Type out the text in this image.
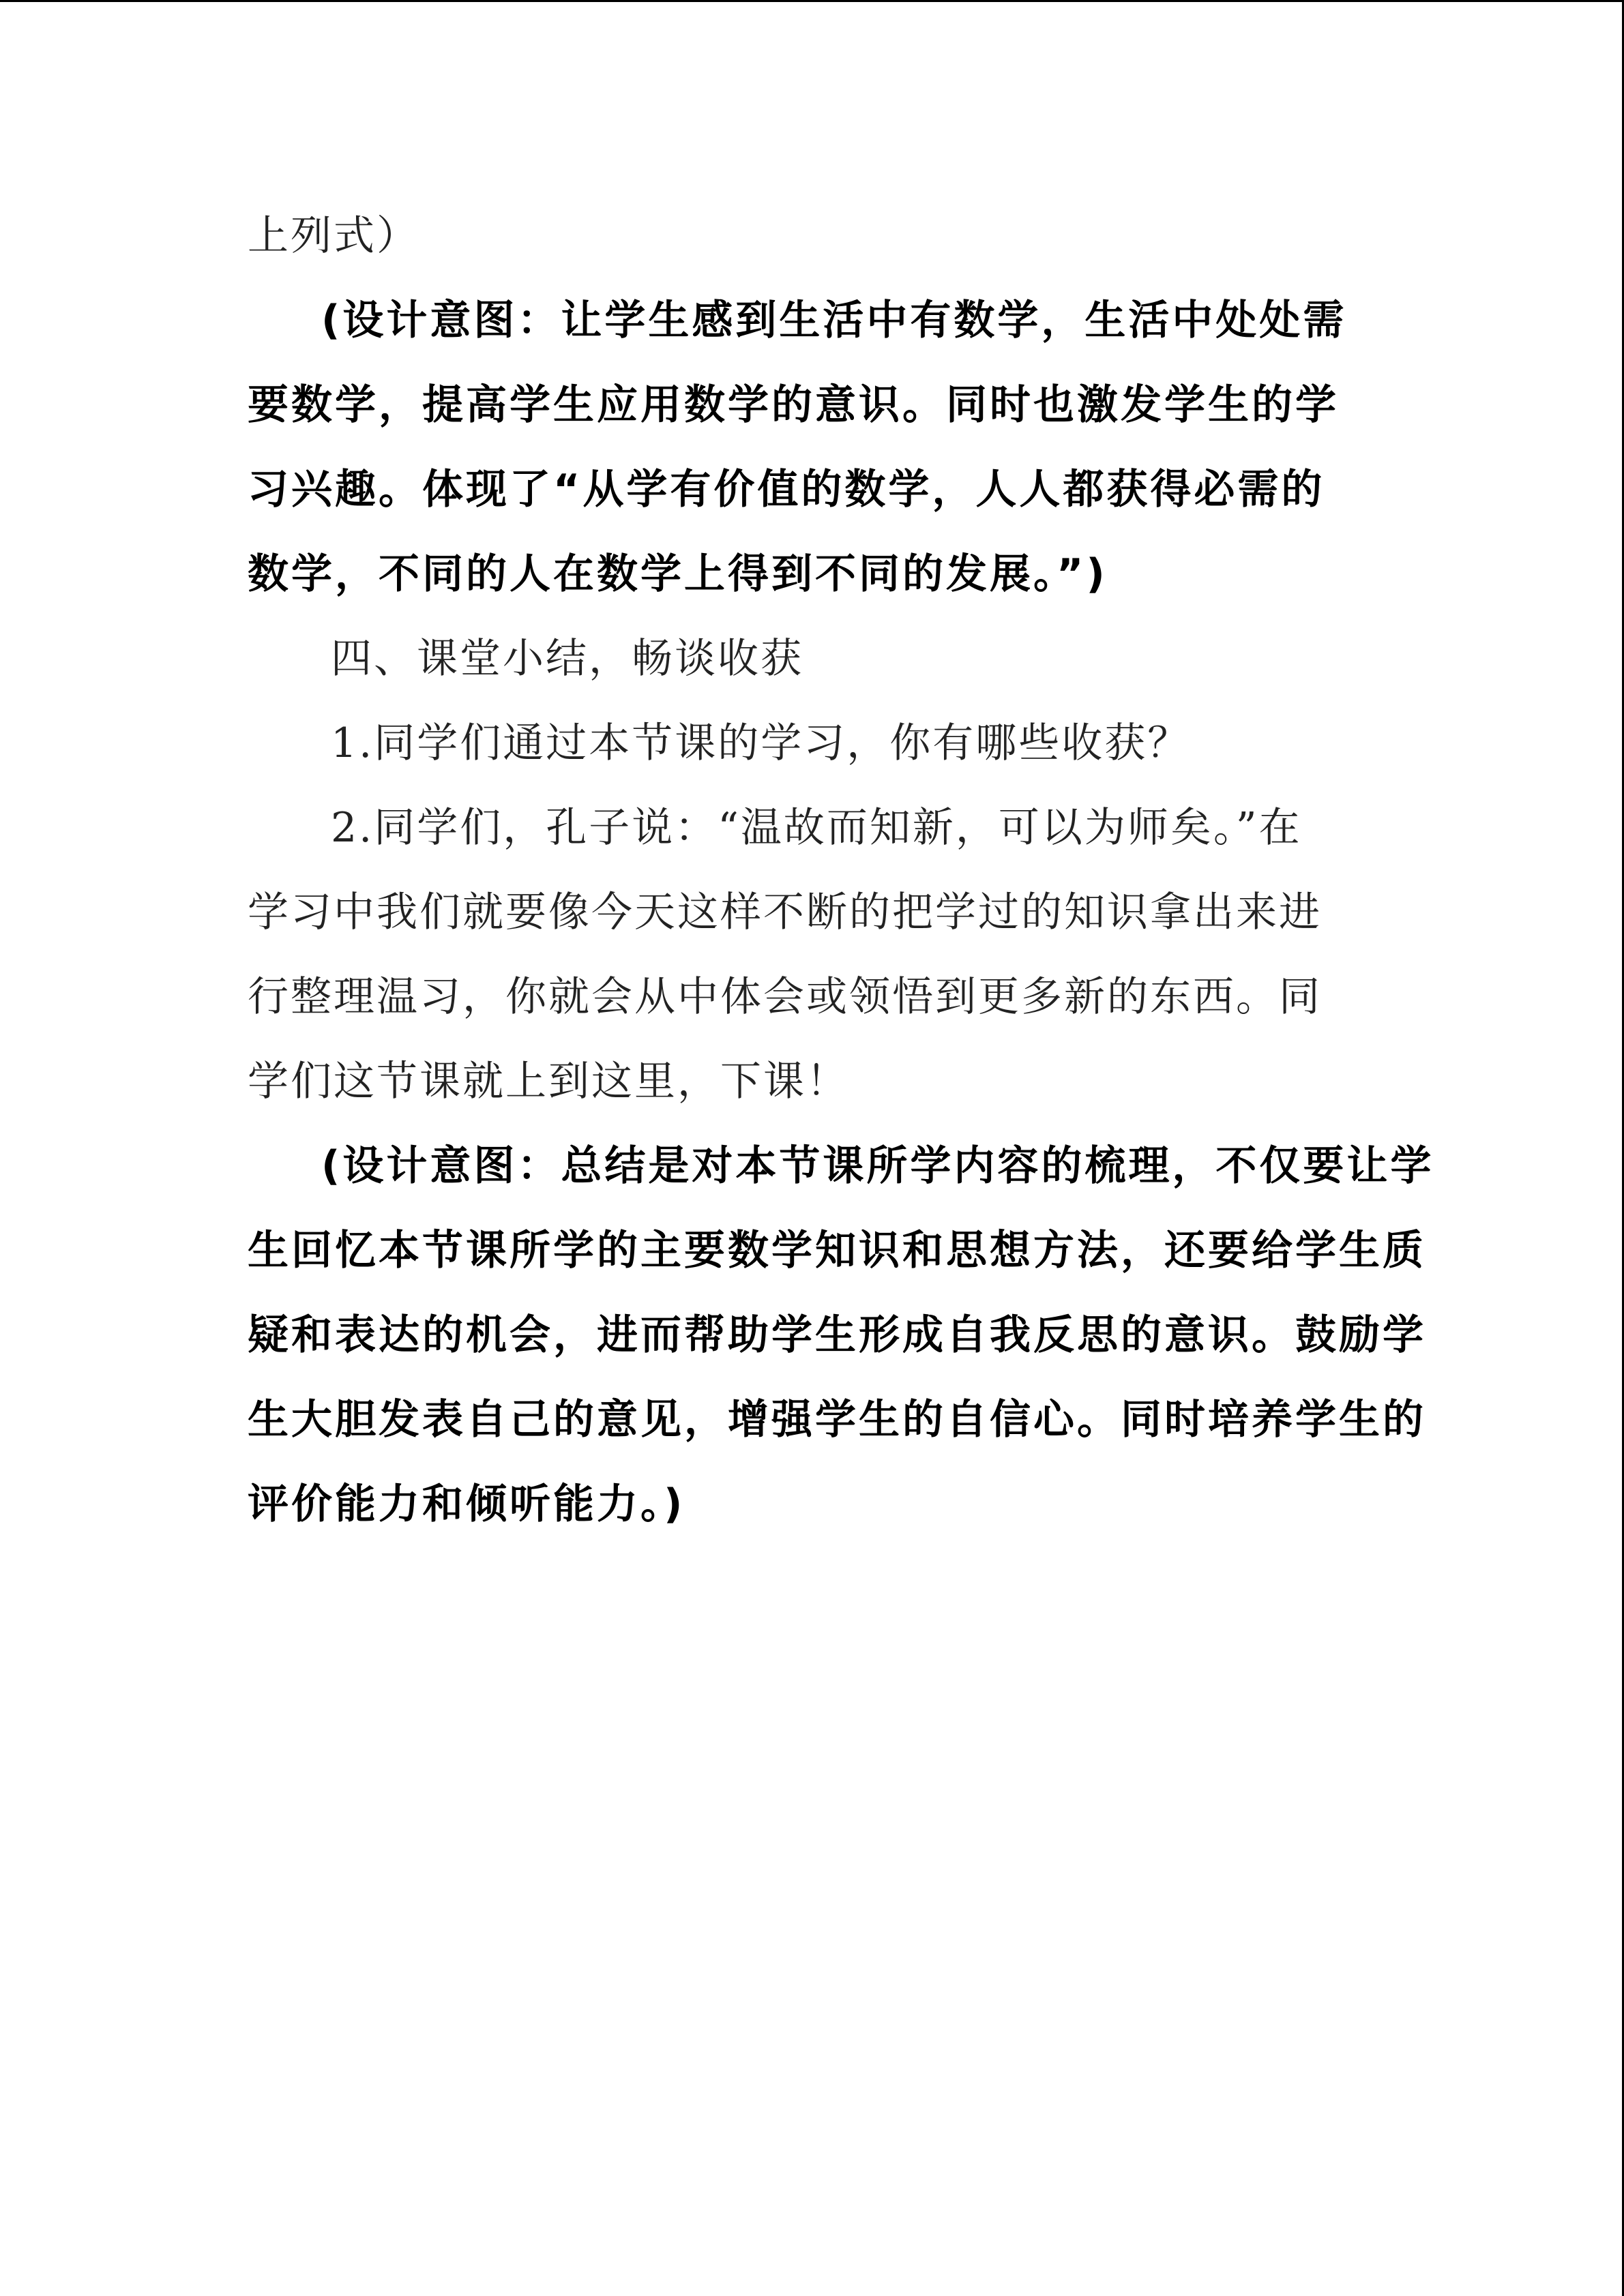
上列式）

(设计意图：让学生感到生活中有数学，生活中处处需

要数学，提高学生应用数学的意识。同时也激发学生的学

习兴趣。体现了“从学有价值的数学，人人都获得必需的

数学，不同的人在数学上得到不同的发展。”)

四、课堂小结，畅谈收获

1.同学们通过本节课的学习，你有哪些收获？

2.同学们，孔子说：“温故而知新，可以为师矣。”在

学习中我们就要像今天这样不断的把学过的知识拿出来进

行整理温习，你就会从中体会或领悟到更多新的东西。同

学们这节课就上到这里，下课！

(设计意图：总结是对本节课所学内容的梳理，不仅要让学

生回忆本节课所学的主要数学知识和思想方法，还要给学生质

疑和表达的机会，进而帮助学生形成自我反思的意识。鼓励学

生大胆发表自己的意见，增强学生的自信心。同时培养学生的

评价能力和倾听能力。)
